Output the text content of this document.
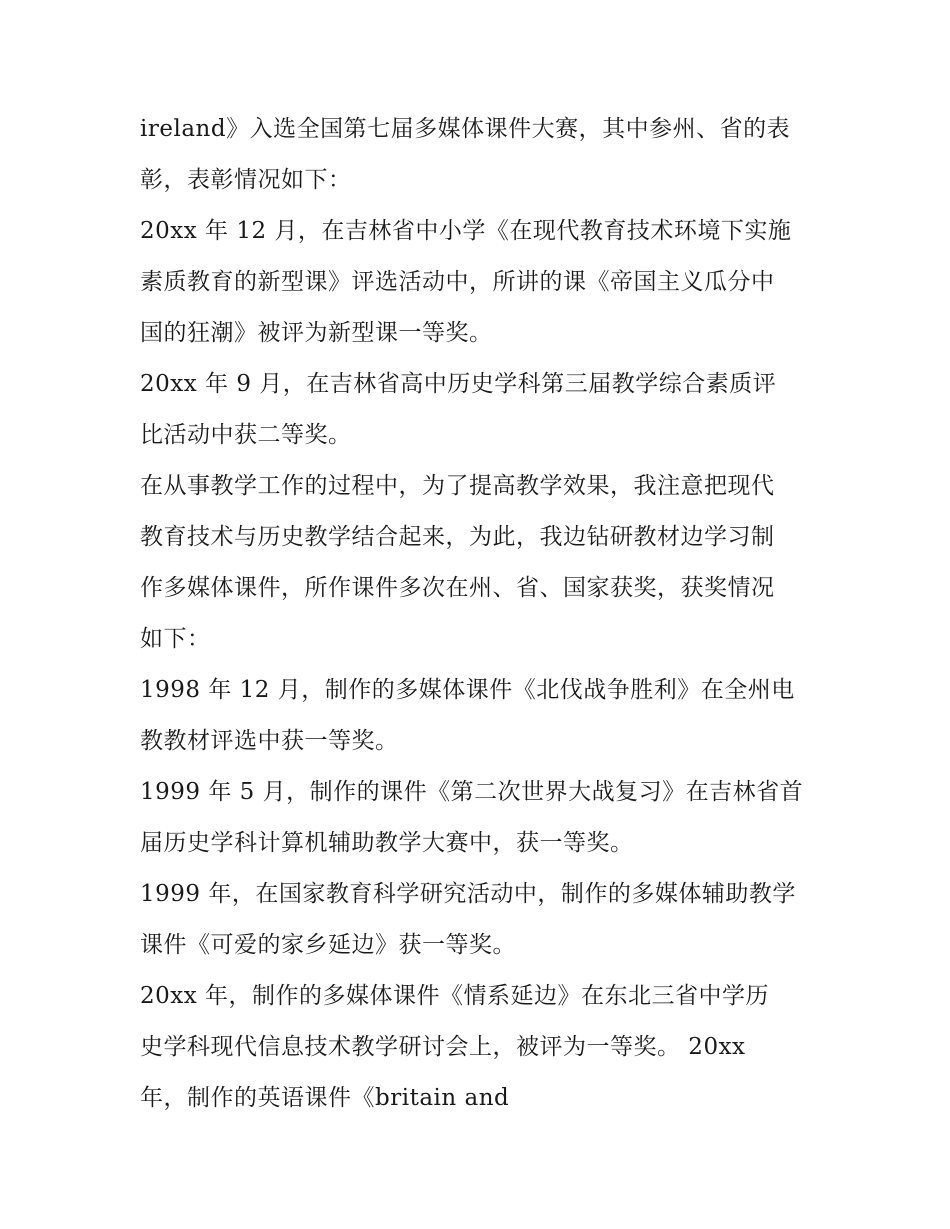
ireland》入选全国第七届多媒体课件大赛，其中参州、省的表
彰，表彰情况如下：
20xx 年 12 月，在吉林省中小学《在现代教育技术环境下实施
素质教育的新型课》评选活动中，所讲的课《帝国主义瓜分中
国的狂潮》被评为新型课一等奖。
20xx 年 9 月，在吉林省高中历史学科第三届教学综合素质评
比活动中获二等奖。
在从事教学工作的过程中，为了提高教学效果，我注意把现代
教育技术与历史教学结合起来，为此，我边钻研教材边学习制
作多媒体课件，所作课件多次在州、省、国家获奖，获奖情况
如下：
1998 年 12 月，制作的多媒体课件《北伐战争胜利》在全州电
教教材评选中获一等奖。
1999 年 5 月，制作的课件《第二次世界大战复习》在吉林省首
届历史学科计算机辅助教学大赛中，获一等奖。
1999 年，在国家教育科学研究活动中，制作的多媒体辅助教学
课件《可爱的家乡延边》获一等奖。
20xx 年，制作的多媒体课件《情系延边》在东北三省中学历
史学科现代信息技术教学研讨会上，被评为一等奖。 20xx
年，制作的英语课件《britain and
